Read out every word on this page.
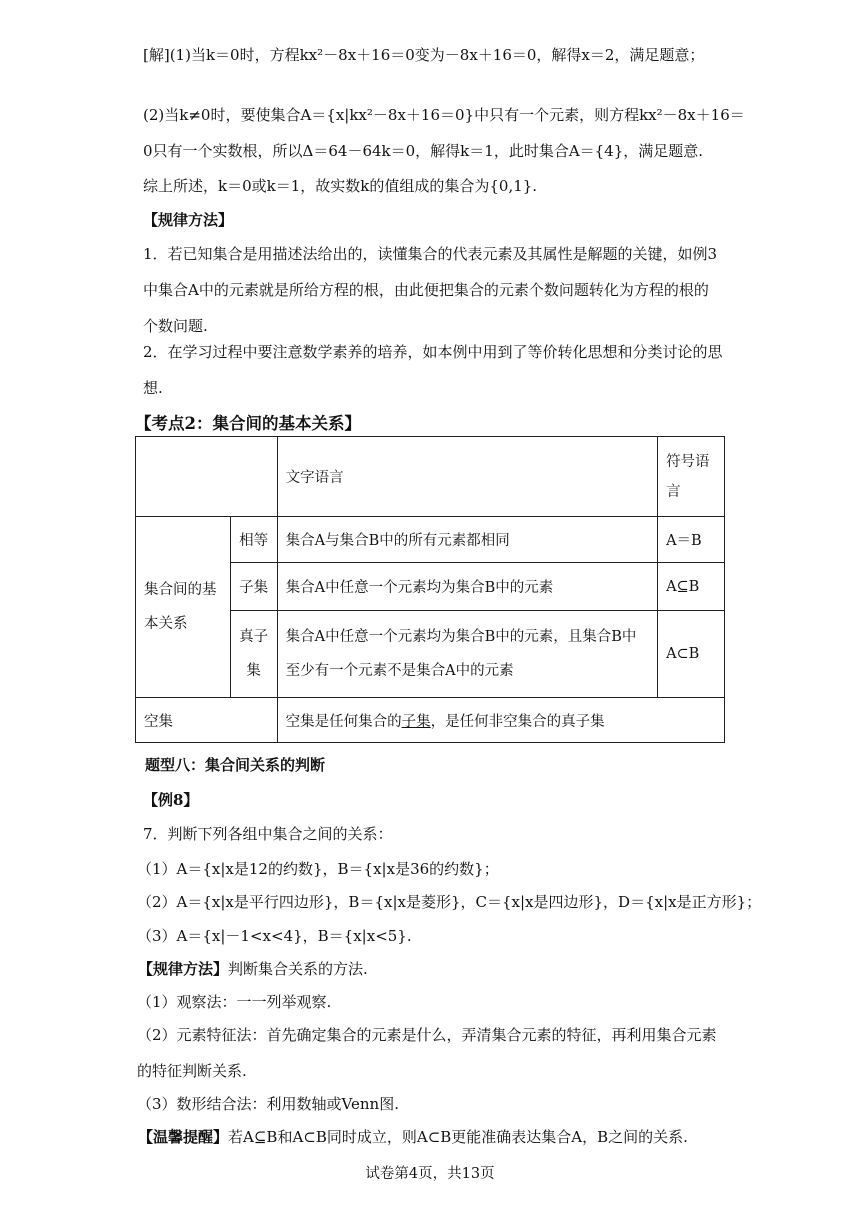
[解](1)当k＝0时，方程kx²－8x＋16＝0变为－8x＋16＝0，解得x＝2，满足题意；
(2)当k≠0时，要使集合A＝{x|kx²－8x＋16＝0}中只有一个元素，则方程kx²－8x＋16＝
0只有一个实数根，所以Δ＝64－64k＝0，解得k＝1，此时集合A＝{4}，满足题意.
综上所述，k＝0或k＝1，故实数k的值组成的集合为{0,1}.
【规律方法】
1．若已知集合是用描述法给出的，读懂集合的代表元素及其属性是解题的关键，如例3中集合A中的元素就是所给方程的根，由此便把集合的元素个数问题转化为方程的根的个数问题.
2．在学习过程中要注意数学素养的培养，如本例中用到了等价转化思想和分类讨论的思想.
【考点2：集合间的基本关系】
		文字语言	符号语言
集合间的基本关系	相等	集合A与集合B中的所有元素都相同	A＝B
	子集	集合A中任意一个元素均为集合B中的元素	A⊆B
	真子集	集合A中任意一个元素均为集合B中的元素，且集合B中至少有一个元素不是集合A中的元素	A⊂B
空集		空集是任何集合的子集，是任何非空集合的真子集	
题型八：集合间关系的判断
【例8】
7．判断下列各组中集合之间的关系：
（1）A＝{x|x是12的约数}，B＝{x|x是36的约数}；
（2）A＝{x|x是平行四边形}，B＝{x|x是菱形}，C＝{x|x是四边形}，D＝{x|x是正方形}；
（3）A＝{x|－1<x<4}，B＝{x|x<5}.
【规律方法】判断集合关系的方法.
（1）观察法：一一列举观察.
（2）元素特征法：首先确定集合的元素是什么，弄清集合元素的特征，再利用集合元素的特征判断关系.
（3）数形结合法：利用数轴或Venn图.
【温馨提醒】若A⊆B和A⊂B同时成立，则A⊂B更能准确表达集合A，B之间的关系.
试卷第4页，共13页
